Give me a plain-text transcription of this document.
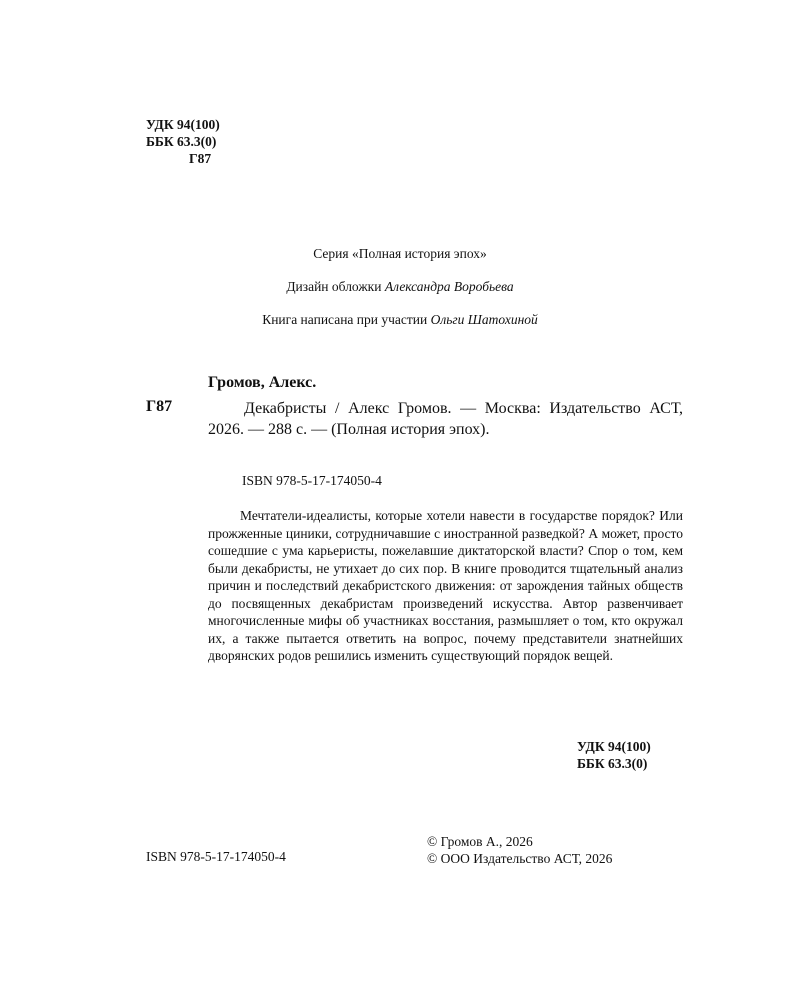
УДК 94(100)
ББК 63.3(0)
Г87
Серия «Полная история эпох»
Дизайн обложки Александра Воробьева
Книга написана при участии Ольги Шатохиной
Громов, Алекс.
Г87	Декабристы / Алекс Громов. — Москва: Издательство АСТ, 2026. — 288 с. — (Полная история эпох).
ISBN 978-5-17-174050-4
Мечтатели-идеалисты, которые хотели навести в государстве порядок? Или прожженные циники, сотрудничавшие с иностранной разведкой? А может, просто сошедшие с ума карьеристы, пожелавшие диктаторской власти? Спор о том, кем были декабристы, не утихает до сих пор. В книге проводится тщательный анализ причин и последствий декабристского движения: от зарождения тайных обществ до посвященных декабристам произведений искусства. Автор развенчивает многочисленные мифы об участниках восстания, размышляет о том, кто окружал их, а также пытается ответить на вопрос, почему представители знатнейших дворянских родов решились изменить существующий порядок вещей.
УДК 94(100)
ББК 63.3(0)
ISBN 978-5-17-174050-4
© Громов А., 2026
© ООО Издательство АСТ, 2026
